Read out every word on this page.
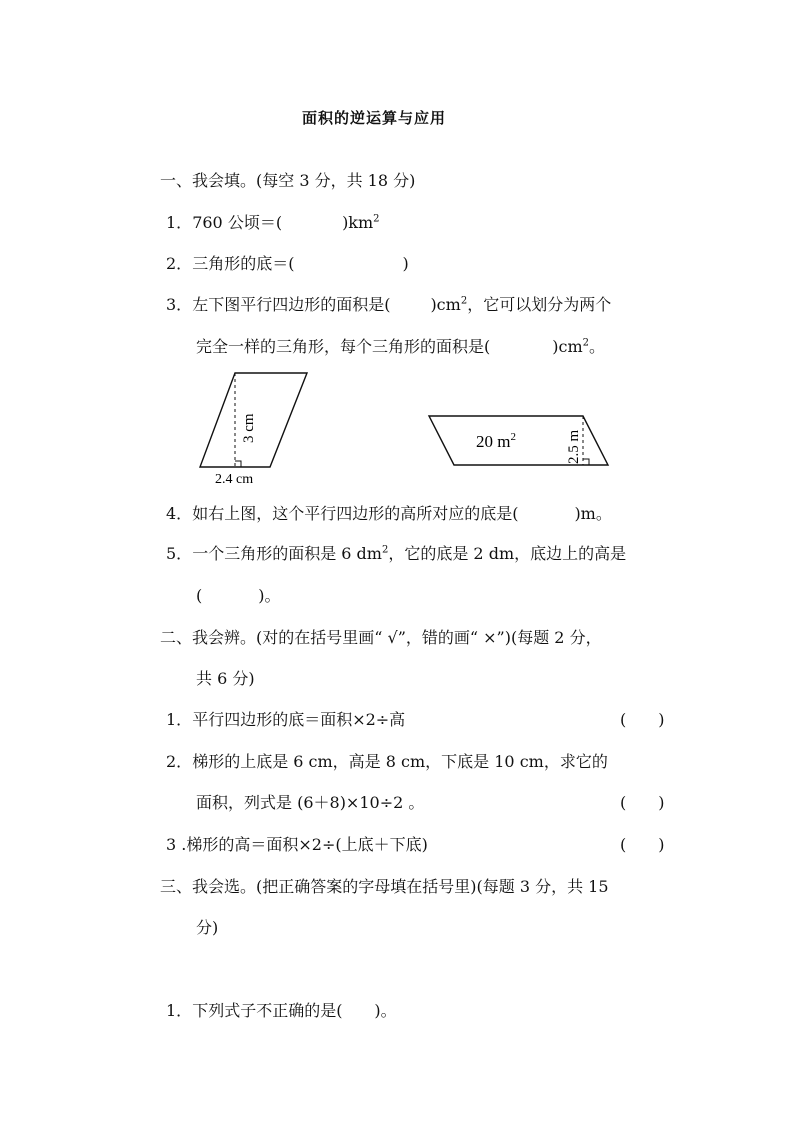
面积的逆运算与应用
一、我会填。(每空 3 分，共 18 分)
1．760 公顷＝(	)$km^2$
2．三角形的底＝(	)
3．左下图平行四边形的面积是(	)$cm^2$，它可以划分为两个
完全一样的三角形，每个三角形的面积是(	)$cm^2$。
3 cm
2.4 cm
20 $m^2$	2.5 m
4．如右上图，这个平行四边形的高所对应的底是(	)m。
5．一个三角形的面积是 6 $dm^2$，它的底是 2 dm，底边上的高是
(	)。
二、我会辨。(对的在括号里画“ √”，错的画“ ×”)(每题 2 分，
共 6 分)
1．平行四边形的底＝面积×2÷高	(　　)
2．梯形的上底是 6 cm，高是 8 cm，下底是 10 cm，求它的
面积，列式是 (6＋8)×10÷2 。	(　　)
3 .梯形的高＝面积×2÷(上底＋下底)	(　　)
三、我会选。(把正确答案的字母填在括号里)(每题 3 分，共 15
分)
1．下列式子不正确的是(　　)。
